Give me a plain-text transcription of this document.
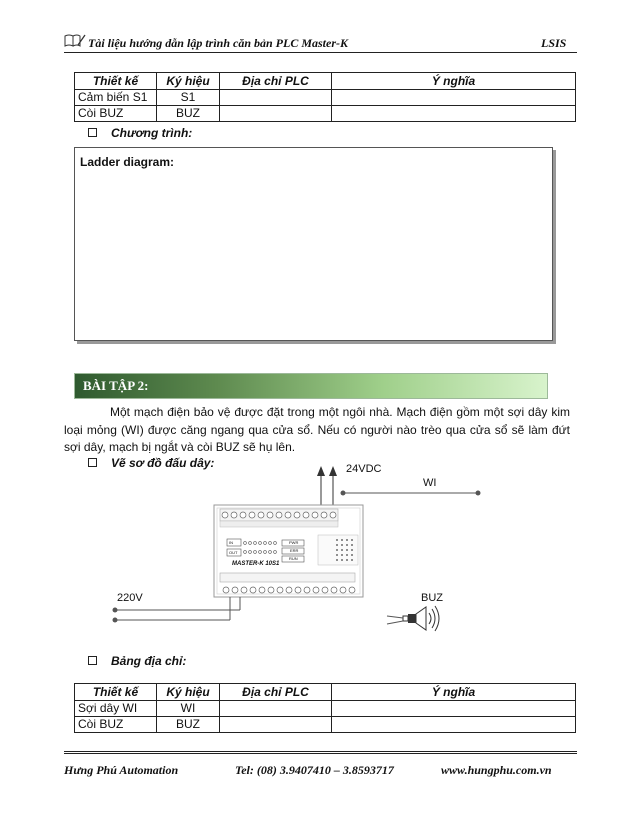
Tài liệu hướng dẫn lập trình căn bản PLC Master-K	LSIS
Thiết kế	Ký hiệu	Địa chỉ PLC	Ý nghĩa
Cảm biến S1	S1		
Còi BUZ	BUZ		
Chương trình:
Ladder diagram:
BÀI TẬP 2:
Một mạch điện bảo vệ được đặt trong một ngôi nhà. Mạch điện gồm một sợi dây kim loại mỏng (WI) được căng ngang qua cửa sổ. Nếu có người nào trèo qua cửa sổ sẽ làm đứt sợi dây, mạch bị ngắt và còi BUZ sẽ hụ lên.
Vẽ sơ đồ đấu dây:	24VDC
WI
220V	BUZ
MASTER-K 10S1
IN
OUT
PWR
ERR
RUN
Bảng địa chỉ:
Thiết kế	Ký hiệu	Địa chỉ PLC	Ý nghĩa
Sợi dây WI	WI		
Còi BUZ	BUZ		
Hưng Phú Automation	Tel: (08) 3.9407410 – 3.8593717	www.hungphu.com.vn
